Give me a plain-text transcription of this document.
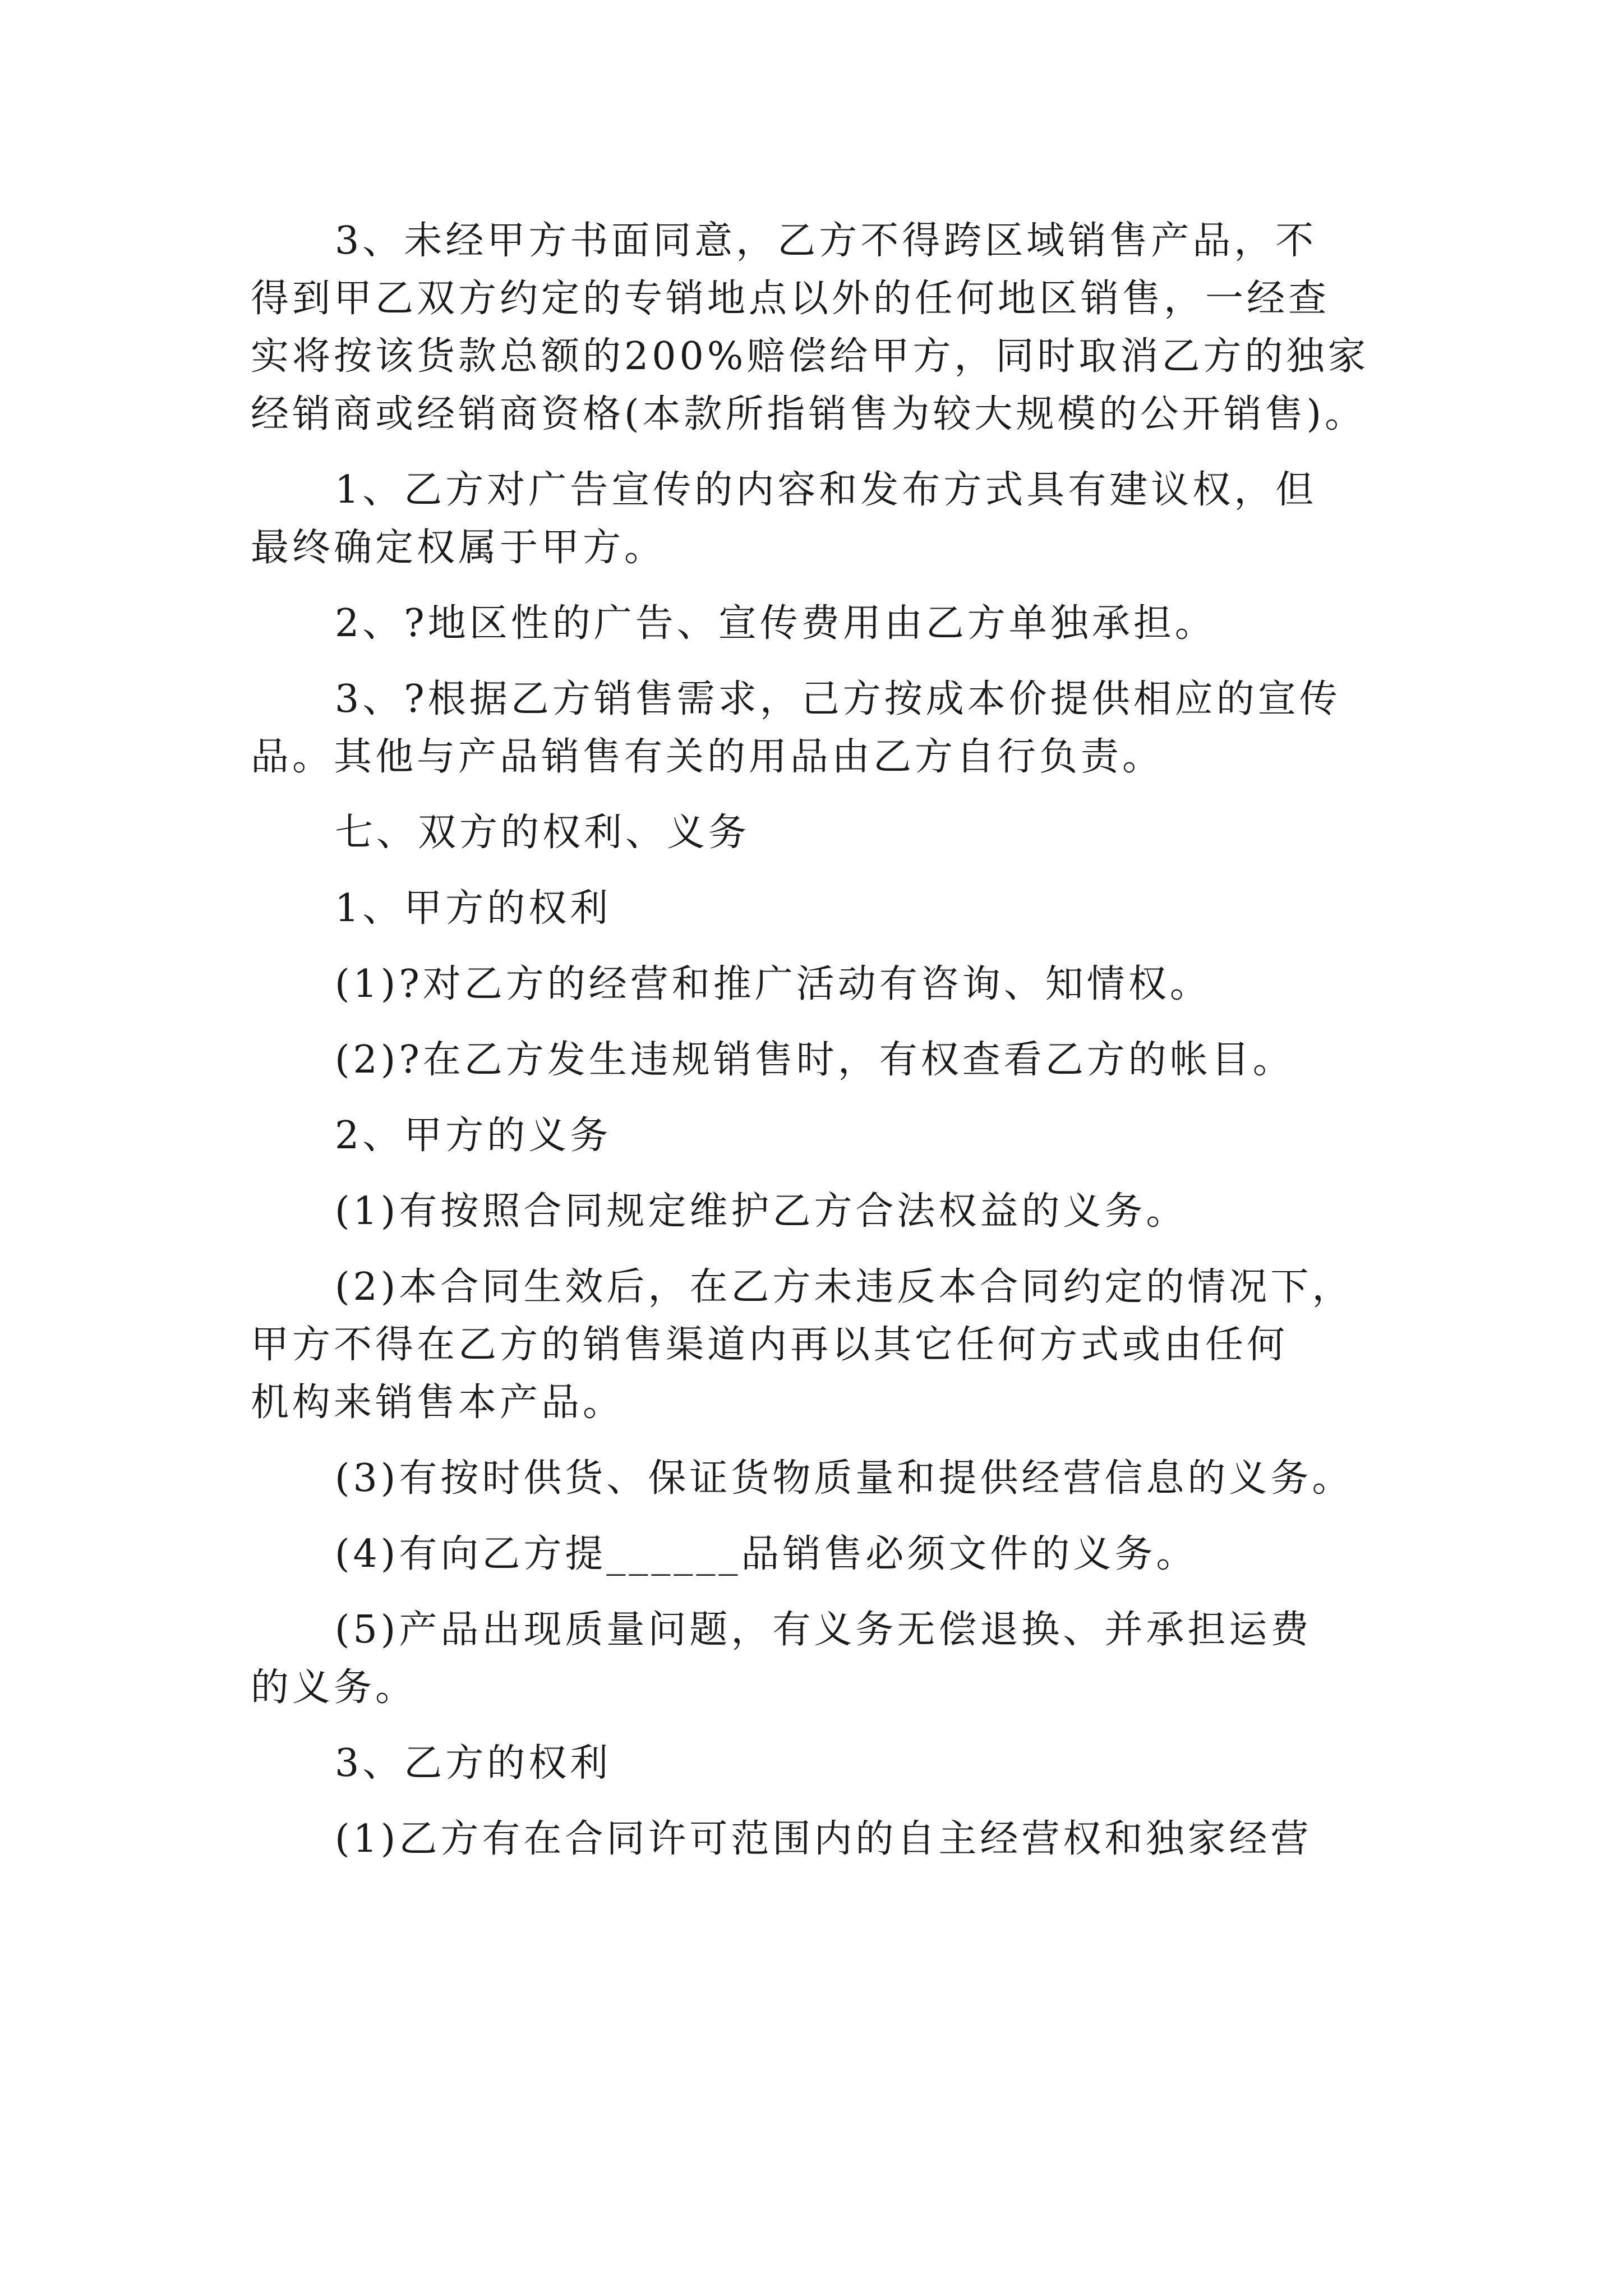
3、未经甲方书面同意，乙方不得跨区域销售产品，不
得到甲乙双方约定的专销地点以外的任何地区销售，一经查
实将按该货款总额的200%赔偿给甲方，同时取消乙方的独家
经销商或经销商资格(本款所指销售为较大规模的公开销售)。

1、乙方对广告宣传的内容和发布方式具有建议权，但
最终确定权属于甲方。

2、?地区性的广告、宣传费用由乙方单独承担。

3、?根据乙方销售需求，己方按成本价提供相应的宣传
品。其他与产品销售有关的用品由乙方自行负责。

七、双方的权利、义务

1、甲方的权利

(1)?对乙方的经营和推广活动有咨询、知情权。

(2)?在乙方发生违规销售时，有权查看乙方的帐目。

2、甲方的义务

(1)有按照合同规定维护乙方合法权益的义务。

(2)本合同生效后，在乙方未违反本合同约定的情况下，
甲方不得在乙方的销售渠道内再以其它任何方式或由任何
机构来销售本产品。

(3)有按时供货、保证货物质量和提供经营信息的义务。

(4)有向乙方提______品销售必须文件的义务。

(5)产品出现质量问题，有义务无偿退换、并承担运费
的义务。

3、乙方的权利

(1)乙方有在合同许可范围内的自主经营权和独家经营
